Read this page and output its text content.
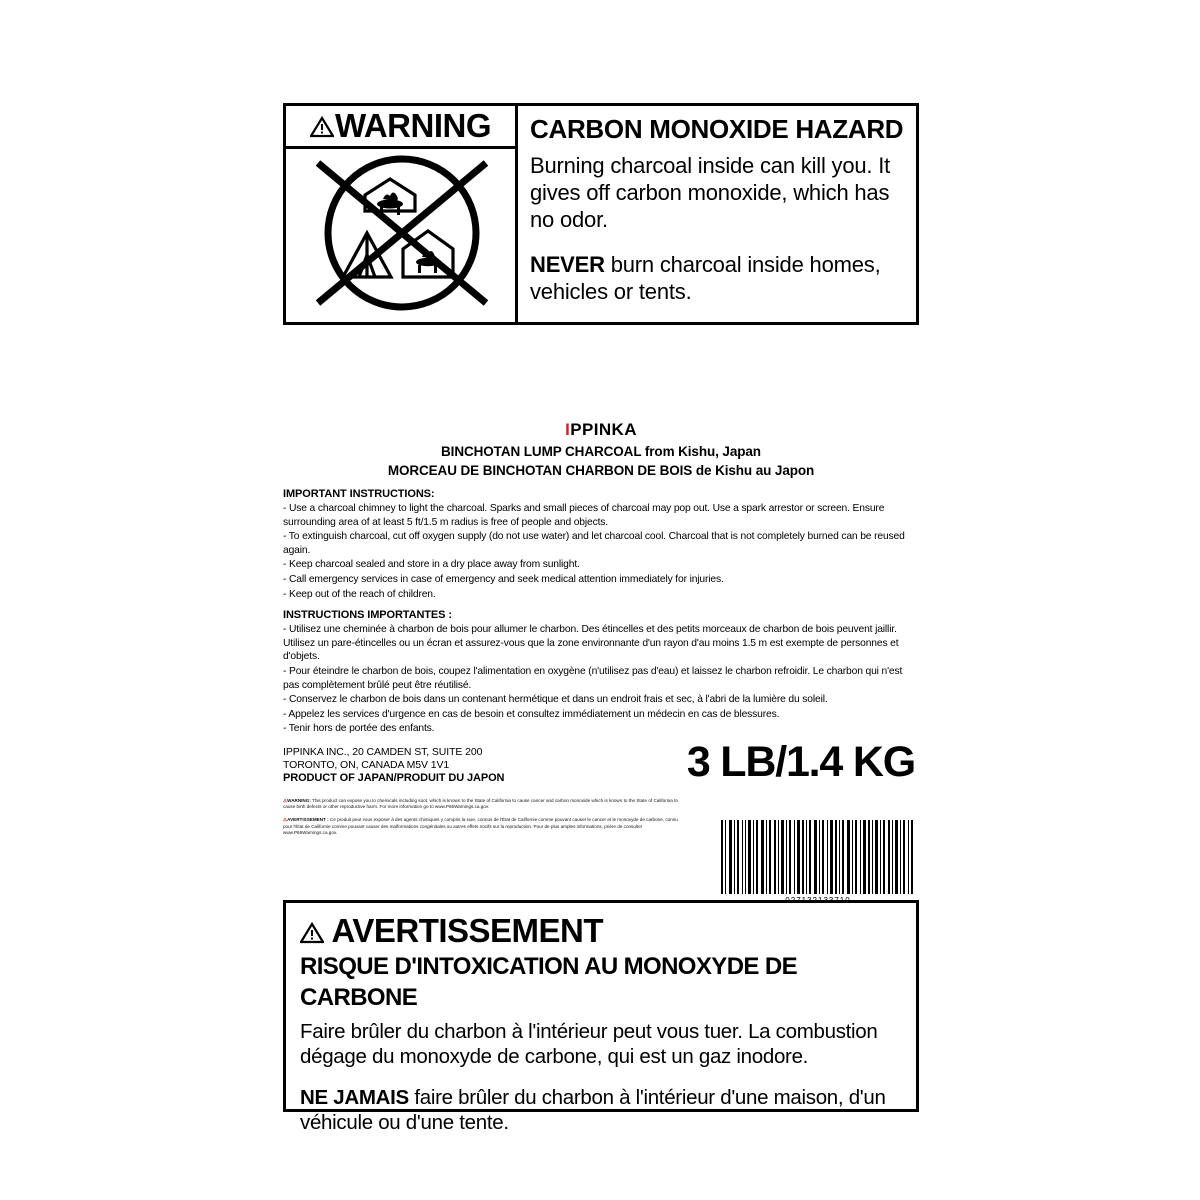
WARNING CARBON MONOXIDE HAZARD

Burning charcoal inside can kill you. It gives off carbon monoxide, which has no odor.

NEVER burn charcoal inside homes, vehicles or tents.

IPPINKA
BINCHOTAN LUMP CHARCOAL from Kishu, Japan
MORCEAU DE BINCHOTAN CHARBON DE BOIS de Kishu au Japon
IMPORTANT INSTRUCTIONS:
- Use a charcoal chimney to light the charcoal. Sparks and small pieces of charcoal may pop out. Use a spark arrestor or screen. Ensure surrounding area of at least 5 ft/1.5 m radius is free of people and objects.
- To extinguish charcoal, cut off oxygen supply (do not use water) and let charcoal cool. Charcoal that is not completely burned can be reused again.
- Keep charcoal sealed and store in a dry place away from sunlight.
- Call emergency services in case of emergency and seek medical attention immediately for injuries.
- Keep out of the reach of children.
INSTRUCTIONS IMPORTANTES :
- Utilisez une cheminée à charbon de bois pour allumer le charbon. Des étincelles et des petits morceaux de charbon de bois peuvent jaillir. Utilisez un pare-étincelles ou un écran et assurez-vous que la zone environnante d'un rayon d'au moins 1.5 m est exempte de personnes et d'objets.
- Pour éteindre le charbon de bois, coupez l'alimentation en oxygène (n'utilisez pas d'eau) et laissez le charbon refroidir. Le charbon qui n'est pas complètement brûlé peut être réutilisé.
- Conservez le charbon de bois dans un contenant hermétique et dans un endroit frais et sec, à l'abri de la lumière du soleil.
- Appelez les services d'urgence en cas de besoin et consultez immédiatement un médecin en cas de blessures.
- Tenir hors de portée des enfants.
IPPINKA INC., 20 CAMDEN ST, SUITE 200
TORONTO, ON, CANADA M5V 1V1
PRODUCT OF JAPAN/PRODUIT DU JAPON	3 LB/1.4 KG

⚠WARNING: This product can expose you to chemicals including soot, which is known to the State of California to cause cancer and carbon monoxide which is known to the State of California to cause birth defects or other reproductive harm. For more information go to www.P65Warnings.ca.gov.

⚠AVERTISSEMENT : Ce produit peut vous exposer à des agents chimiques y compris la suie, connus de l'État de Californie comme pouvant causer le cancer et le monoxyde de carbone, connu pour l'État de Californie comme pouvant causer des malformations congénitales ou autres effets nocifs sur la reproduction. Pour de plus amples informations, prière de consulter www.P65Warnings.ca.gov.

AVERTISSEMENT
RISQUE D'INTOXICATION AU MONOXYDE DE CARBONE

Faire brûler du charbon à l'intérieur peut vous tuer. La combustion dégage du monoxyde de carbone, qui est un gaz inodore.

NE JAMAIS faire brûler du charbon à l'intérieur d'une maison, d'un véhicule ou d'une tente.
